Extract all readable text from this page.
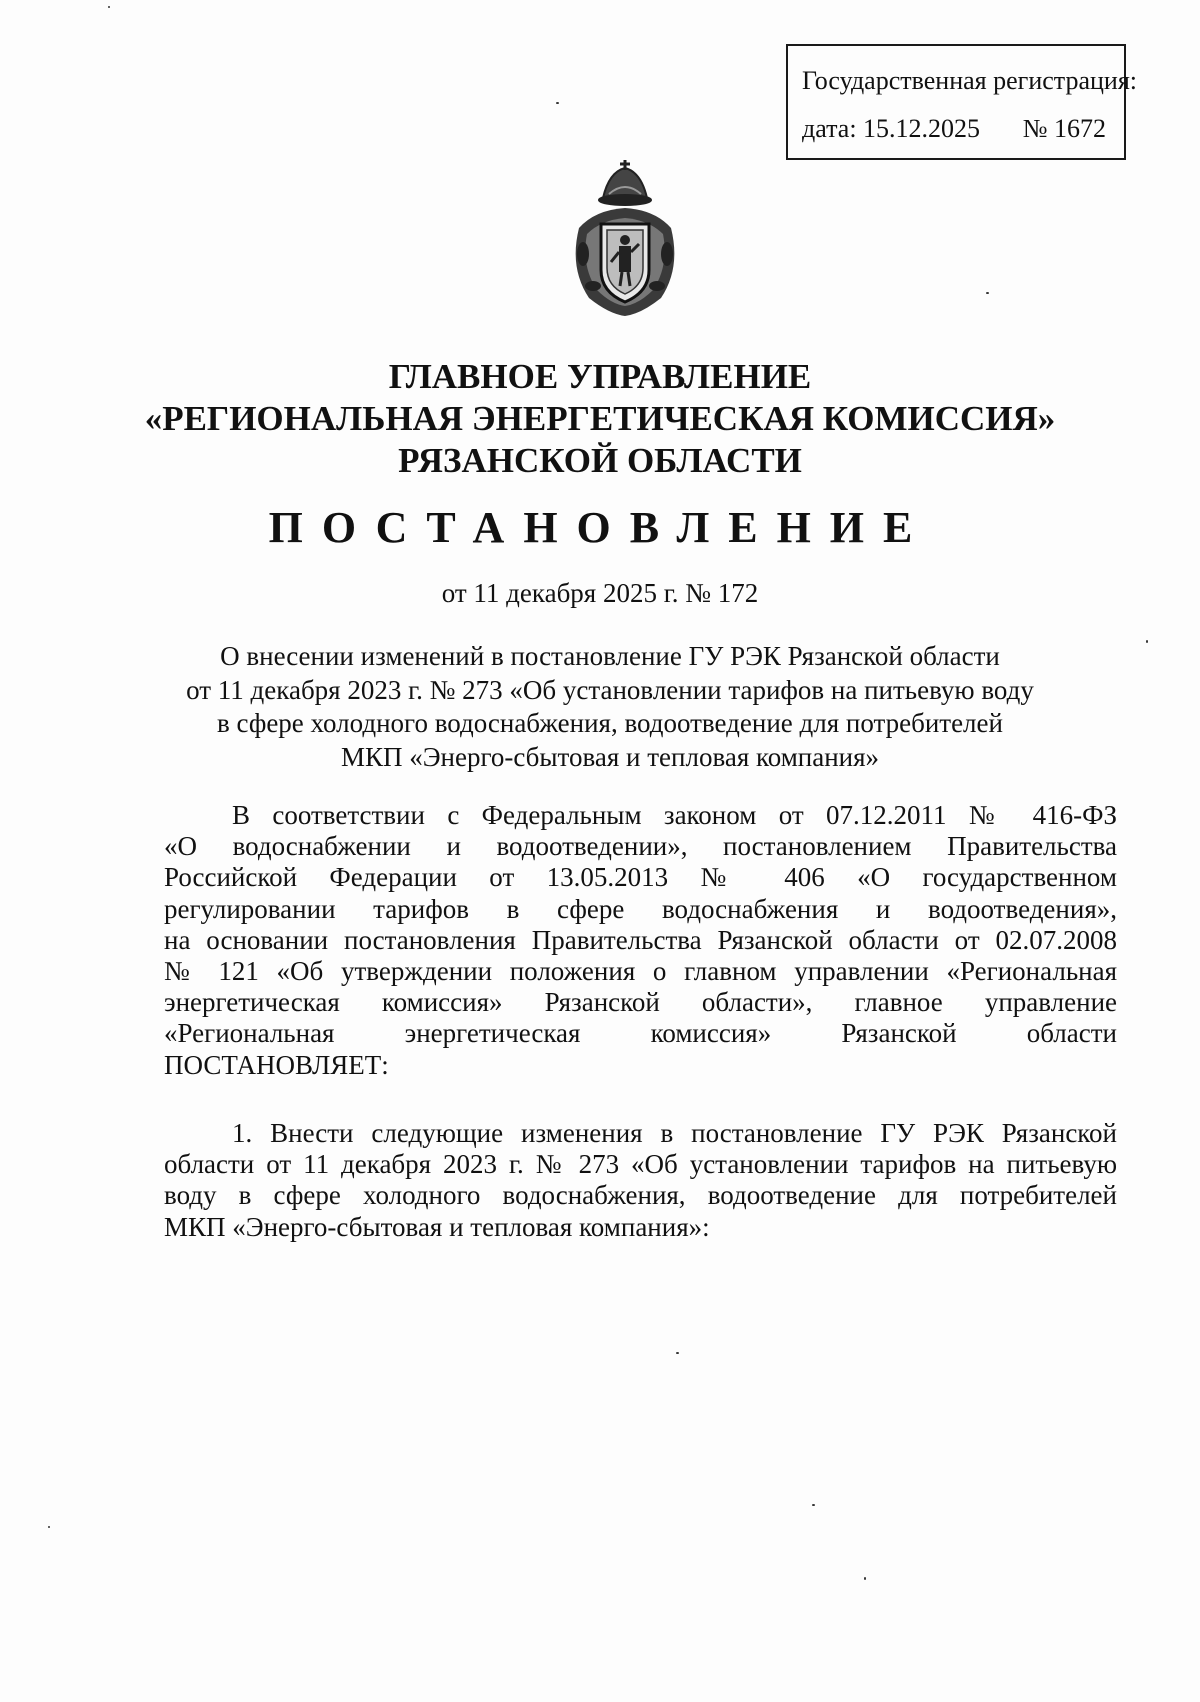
Государственная регистрация:
дата: 15.12.2025 № 1672
ГЛАВНОЕ УПРАВЛЕНИЕ
«РЕГИОНАЛЬНАЯ ЭНЕРГЕТИЧЕСКАЯ КОМИССИЯ»
РЯЗАНСКОЙ ОБЛАСТИ
ПОСТАНОВЛЕНИЕ
от 11 декабря 2025 г. № 172
О внесении изменений в постановление ГУ РЭК Рязанской области
от 11 декабря 2023 г. № 273 «Об установлении тарифов на питьевую воду
в сфере холодного водоснабжения, водоотведение для потребителей
МКП «Энерго-сбытовая и тепловая компания»
В соответствии с Федеральным законом от 07.12.2011 № 416-ФЗ
«О водоснабжении и водоотведении», постановлением Правительства
Российской Федерации от 13.05.2013 № 406 «О государственном
регулировании тарифов в сфере водоснабжения и водоотведения»,
на основании постановления Правительства Рязанской области от 02.07.2008
№ 121 «Об утверждении положения о главном управлении «Региональная
энергетическая комиссия» Рязанской области», главное управление
«Региональная энергетическая комиссия» Рязанской области
ПОСТАНОВЛЯЕТ:
1. Внести следующие изменения в постановление ГУ РЭК Рязанской
области от 11 декабря 2023 г. № 273 «Об установлении тарифов на питьевую
воду в сфере холодного водоснабжения, водоотведение для потребителей
МКП «Энерго-сбытовая и тепловая компания»:
